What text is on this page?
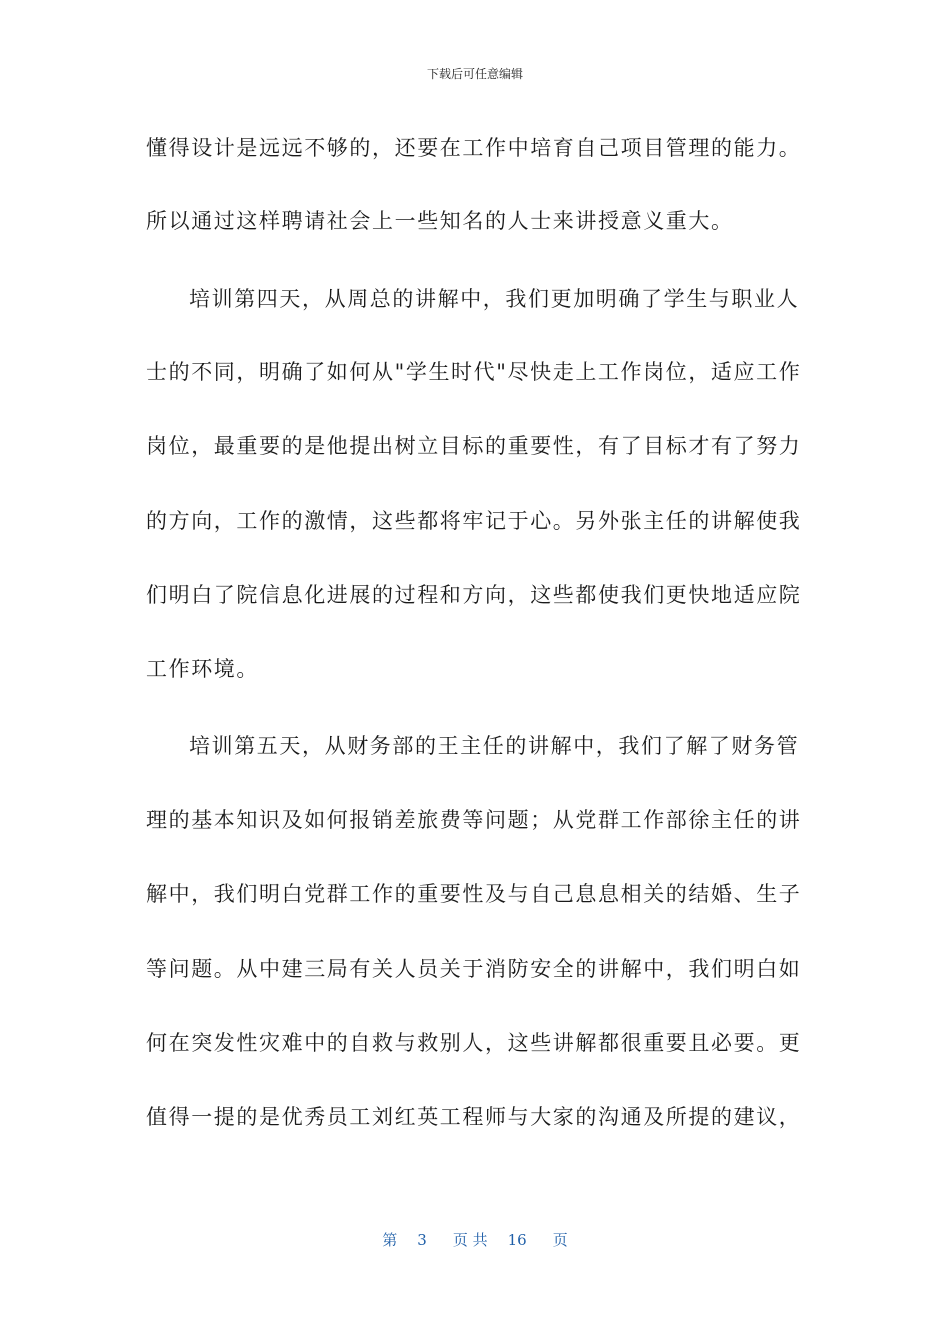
下载后可任意编辑
懂得设计是远远不够的，还要在工作中培育自己项目管理的能力。
所以通过这样聘请社会上一些知名的人士来讲授意义重大。
培训第四天，从周总的讲解中，我们更加明确了学生与职业人
士的不同，明确了如何从"学生时代"尽快走上工作岗位，适应工作
岗位，最重要的是他提出树立目标的重要性，有了目标才有了努力
的方向，工作的激情，这些都将牢记于心。另外张主任的讲解使我
们明白了院信息化进展的过程和方向，这些都使我们更快地适应院
工作环境。
培训第五天，从财务部的王主任的讲解中，我们了解了财务管
理的基本知识及如何报销差旅费等问题；从党群工作部徐主任的讲
解中，我们明白党群工作的重要性及与自己息息相关的结婚、生子
等问题。从中建三局有关人员关于消防安全的讲解中，我们明白如
何在突发性灾难中的自救与救别人，这些讲解都很重要且必要。更
值得一提的是优秀员工刘红英工程师与大家的沟通及所提的建议，
第 3 页 共 16 页
